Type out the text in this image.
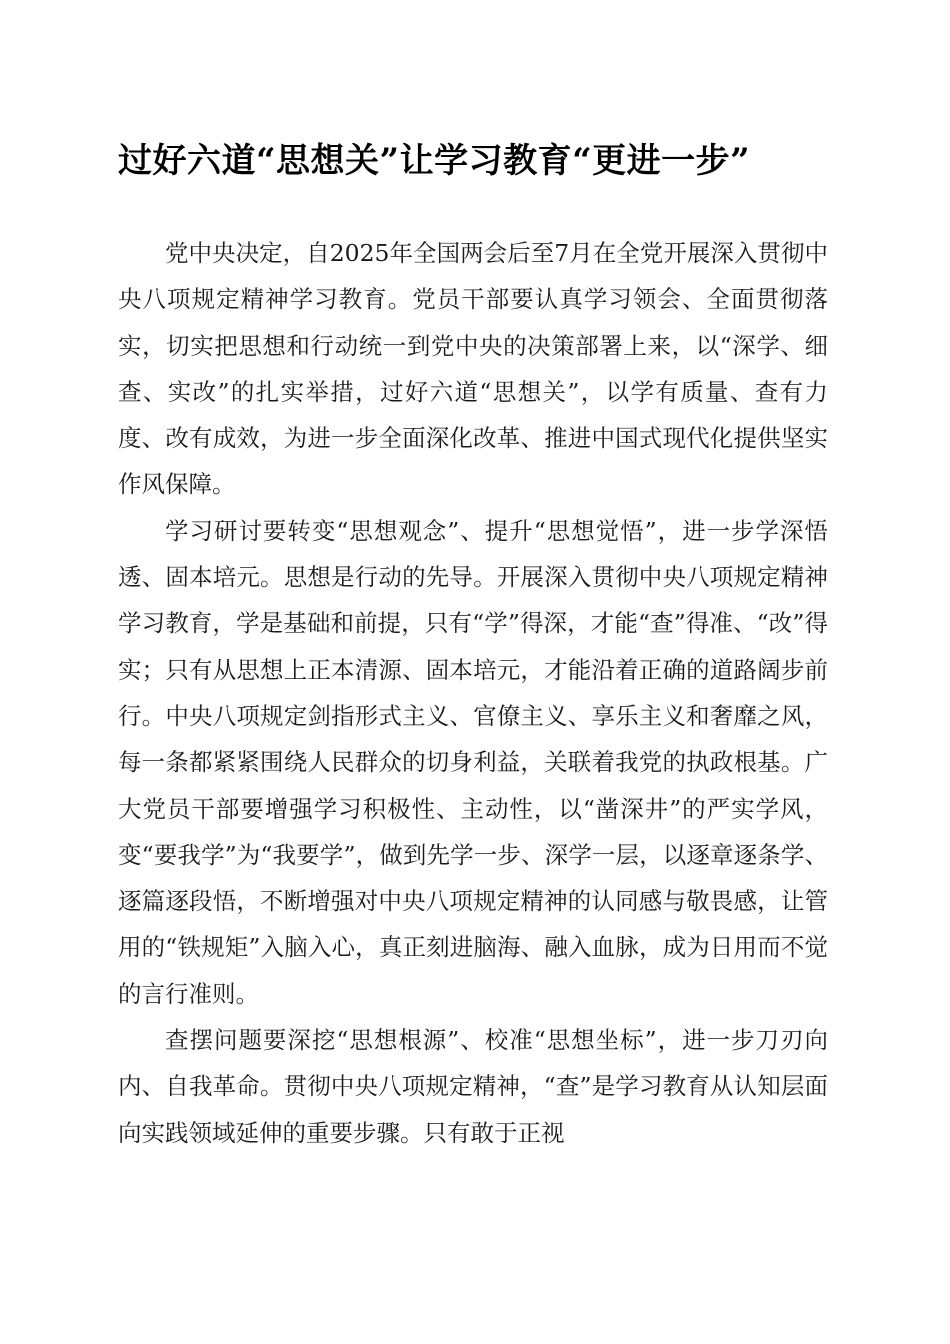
过好六道“思想关”让学习教育“更进一步”

党中央决定，自2025年全国两会后至7月在全党开展深入贯彻中央八项规定精神学习教育。党员干部要认真学习领会、全面贯彻落实，切实把思想和行动统一到党中央的决策部署上来，以“深学、细查、实改”的扎实举措，过好六道“思想关”，以学有质量、查有力度、改有成效，为进一步全面深化改革、推进中国式现代化提供坚实作风保障。

学习研讨要转变“思想观念”、提升“思想觉悟”，进一步学深悟透、固本培元。思想是行动的先导。开展深入贯彻中央八项规定精神学习教育，学是基础和前提，只有“学”得深，才能“查”得准、“改”得实；只有从思想上正本清源、固本培元，才能沿着正确的道路阔步前行。中央八项规定剑指形式主义、官僚主义、享乐主义和奢靡之风，每一条都紧紧围绕人民群众的切身利益，关联着我党的执政根基。广大党员干部要增强学习积极性、主动性，以“凿深井”的严实学风，变“要我学”为“我要学”，做到先学一步、深学一层，以逐章逐条学、逐篇逐段悟，不断增强对中央八项规定精神的认同感与敬畏感，让管用的“铁规矩”入脑入心，真正刻进脑海、融入血脉，成为日用而不觉的言行准则。

查摆问题要深挖“思想根源”、校准“思想坐标”，进一步刀刃向内、自我革命。贯彻中央八项规定精神，“查”是学习教育从认知层面向实践领域延伸的重要步骤。只有敢于正视
